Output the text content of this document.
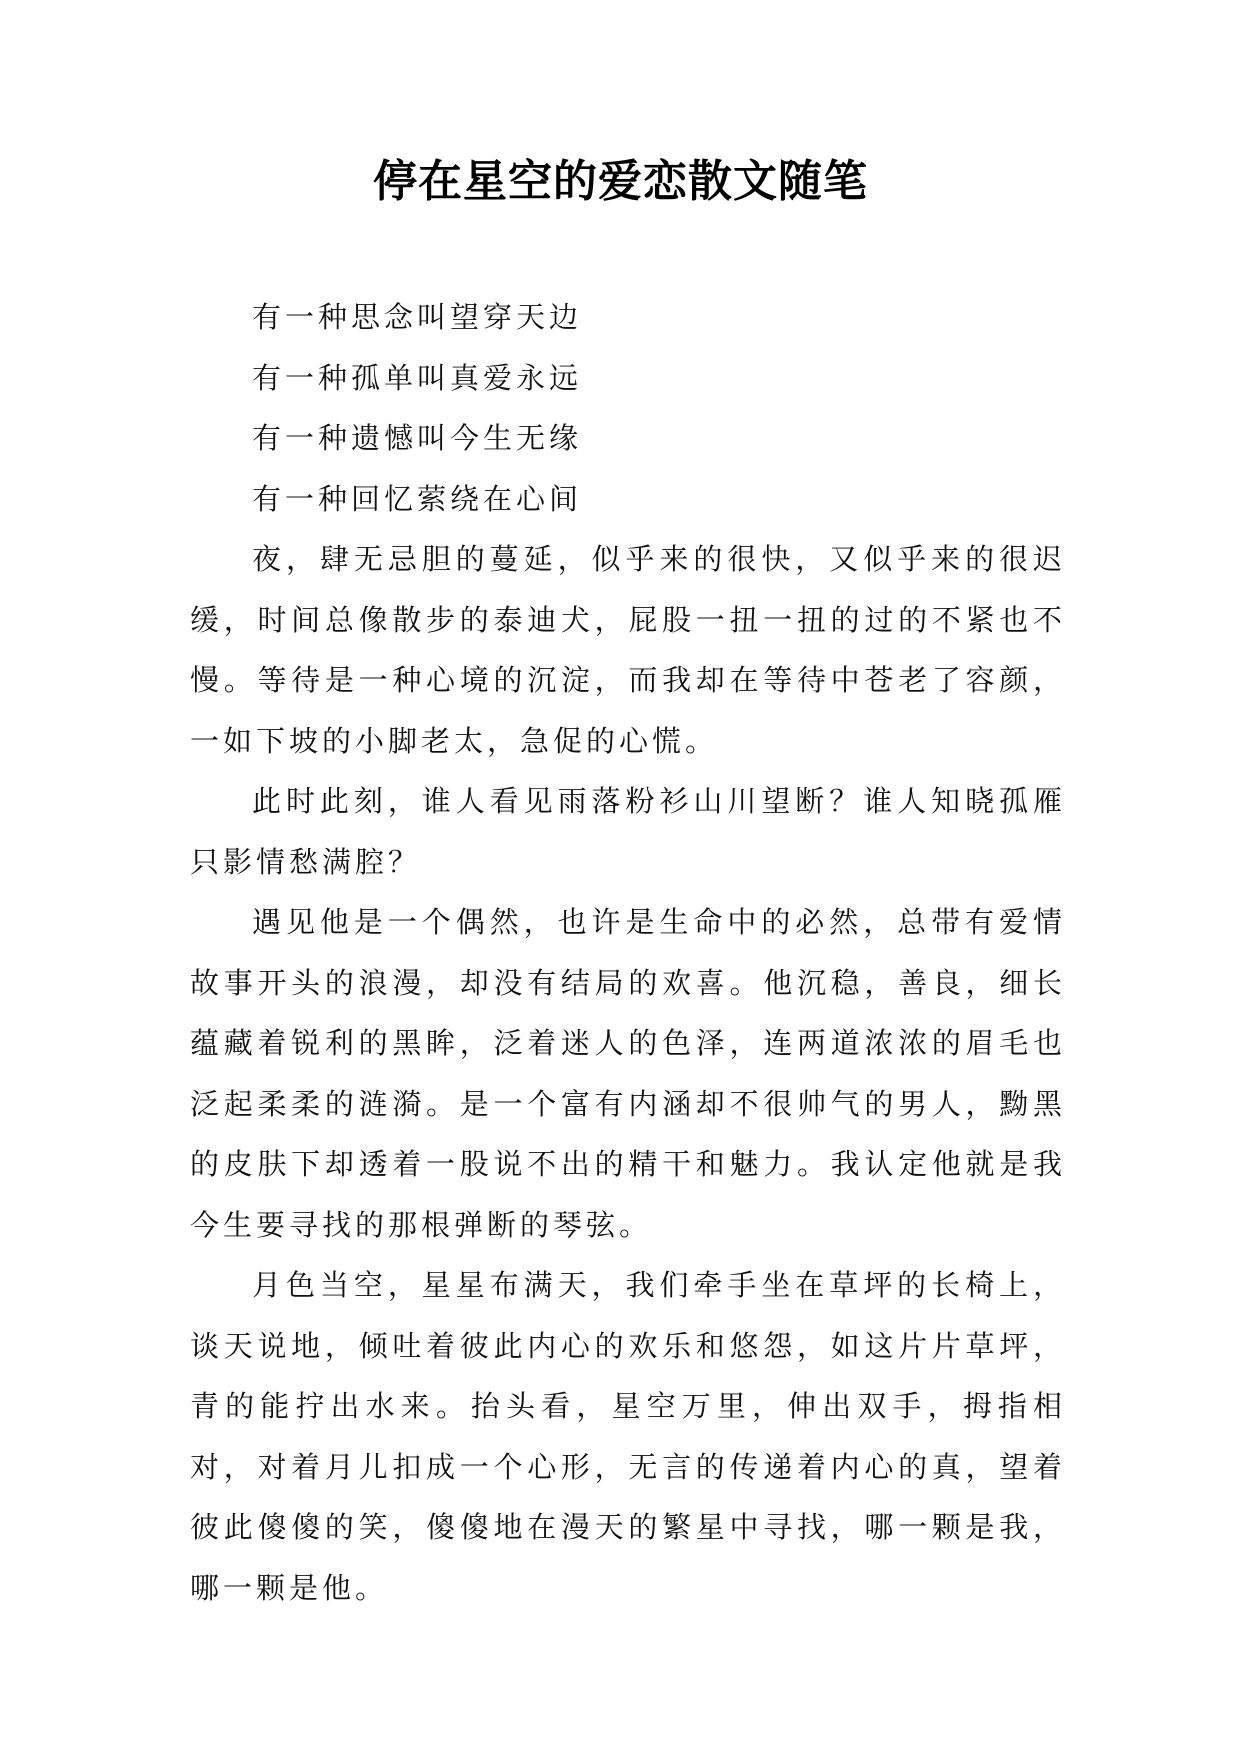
停在星空的爱恋散文随笔

有一种思念叫望穿天边

有一种孤单叫真爱永远

有一种遗憾叫今生无缘

有一种回忆萦绕在心间

夜，肆无忌胆的蔓延，似乎来的很快，又似乎来的很迟缓，时间总像散步的泰迪犬，屁股一扭一扭的过的不紧也不慢。等待是一种心境的沉淀，而我却在等待中苍老了容颜，一如下坡的小脚老太，急促的心慌。

此时此刻，谁人看见雨落粉衫山川望断？谁人知晓孤雁只影情愁满腔？

遇见他是一个偶然，也许是生命中的必然，总带有爱情故事开头的浪漫，却没有结局的欢喜。他沉稳，善良，细长蕴藏着锐利的黑眸，泛着迷人的色泽，连两道浓浓的眉毛也泛起柔柔的涟漪。是一个富有内涵却不很帅气的男人，黝黑的皮肤下却透着一股说不出的精干和魅力。我认定他就是我今生要寻找的那根弹断的琴弦。

月色当空，星星布满天，我们牵手坐在草坪的长椅上，谈天说地，倾吐着彼此内心的欢乐和悠怨，如这片片草坪，青的能拧出水来。抬头看，星空万里，伸出双手，拇指相对，对着月儿扣成一个心形，无言的传递着内心的真，望着彼此傻傻的笑，傻傻地在漫天的繁星中寻找，哪一颗是我，哪一颗是他。
